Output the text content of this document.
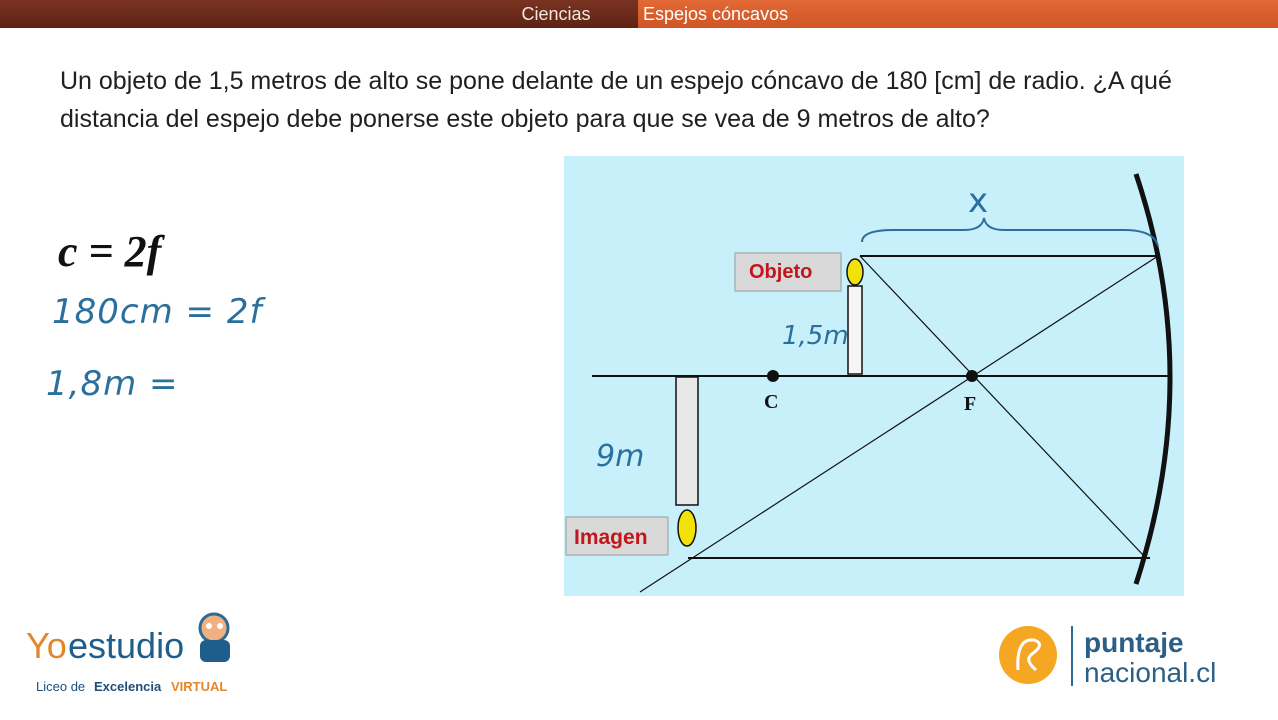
Ciencias	Espejos cóncavos

Un objeto de 1,5 metros de alto se pone delante de un espejo cóncavo de 180 [cm] de radio. ¿A qué distancia del espejo debe ponerse este objeto para que se vea de 9 metros de alto?

c = 2f
180cm = 2f
1,8m =	C	F
Objeto
Imagen
x
1,5m
9m
Yo estudio
Liceo de Excelencia VIRTUAL
puntaje
nacional.cl
